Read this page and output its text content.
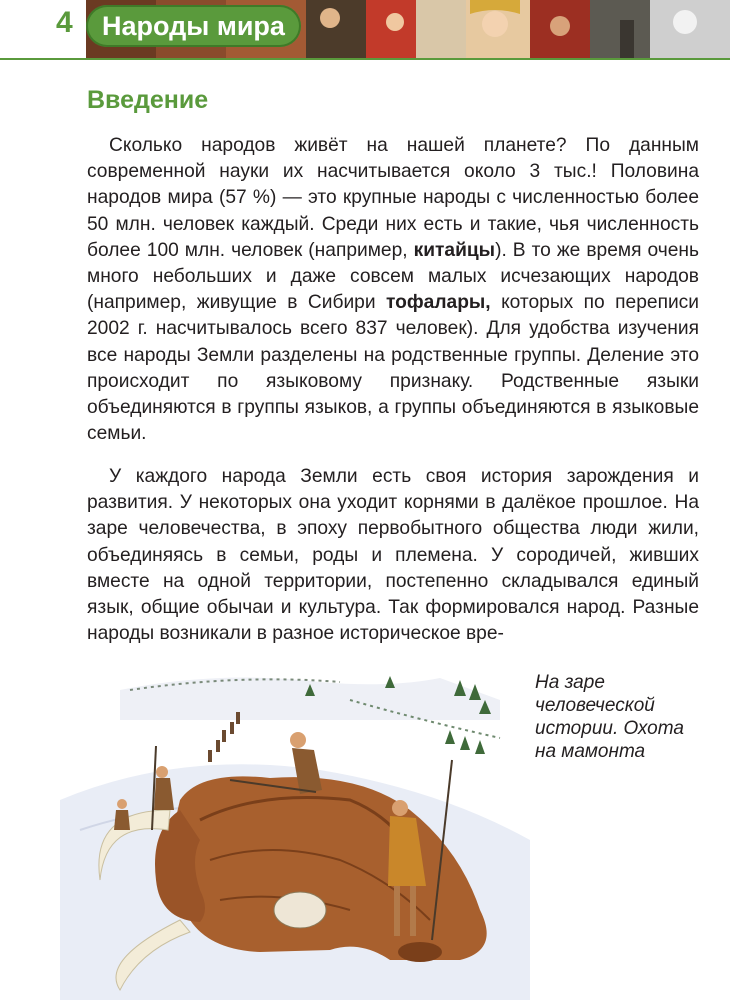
4	Народы мира
Введение

Сколько народов живёт на нашей планете? По данным современной науки их насчитывается около 3 тыс.! Половина народов мира (57 %) — это крупные народы с численностью более 50 млн. человек каждый. Среди них есть и такие, чья численность более 100 млн. человек (например, китайцы). В то же время очень много небольших и даже совсем малых исчезающих народов (например, живущие в Сибири тофалары, которых по переписи 2002 г. насчитывалось всего 837 человек). Для удобства изучения все народы Земли разделены на родственные группы. Деление это происходит по языковому признаку. Родственные языки объединяются в группы языков, а группы объединяются в языковые семьи.

У каждого народа Земли есть своя история зарождения и развития. У некоторых она уходит корнями в далёкое прошлое. На заре человечества, в эпоху первобытного общества люди жили, объединяясь в семьи, роды и племена. У сородичей, живших вместе на одной территории, постепенно складывался единый язык, общие обычаи и культура. Так формировался народ. Разные народы возникали в разное историческое вре-

На заре человеческой истории. Охота на мамонта
